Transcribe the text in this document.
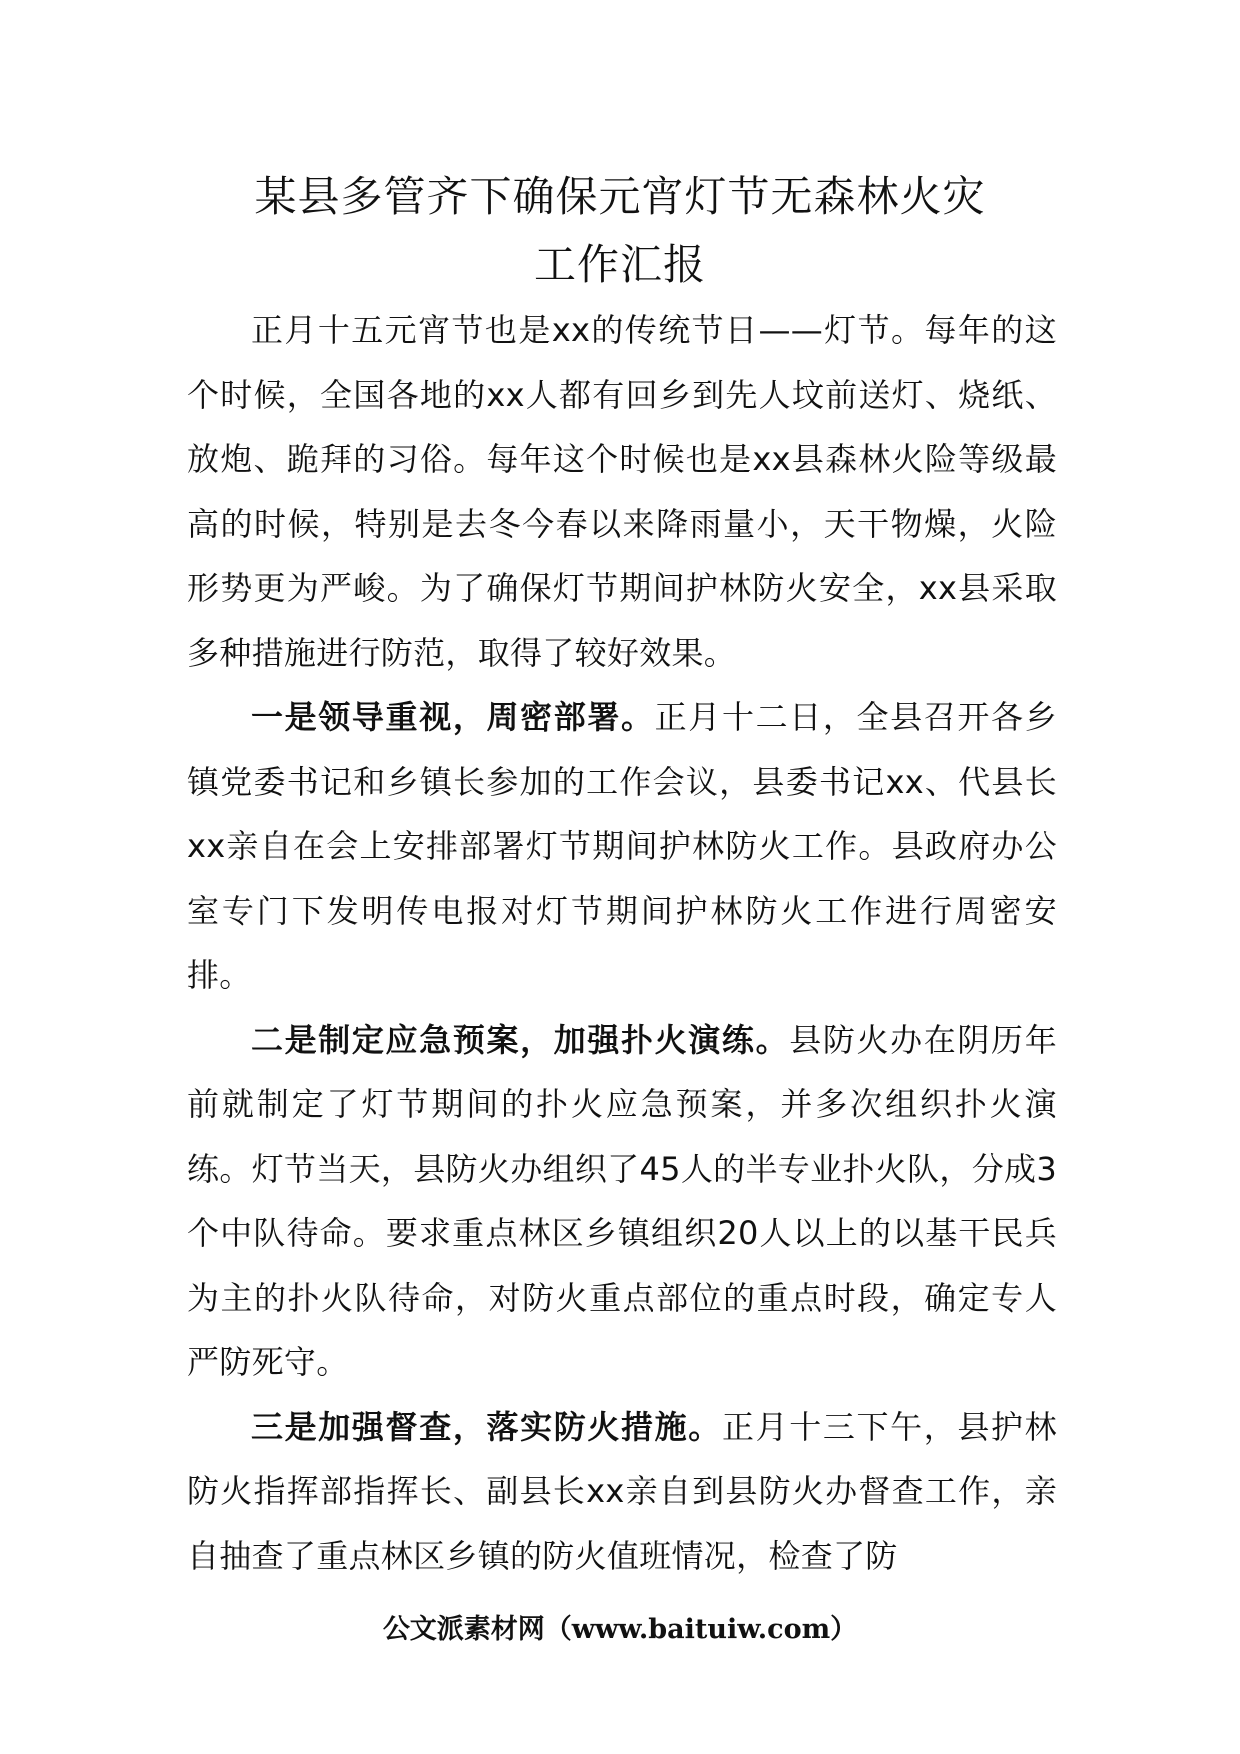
某县多管齐下确保元宵灯节无森林火灾
工作汇报

正月十五元宵节也是xx的传统节日——灯节。每年的这个时候，全国各地的xx人都有回乡到先人坟前送灯、烧纸、放炮、跪拜的习俗。每年这个时候也是xx县森林火险等级最高的时候，特别是去冬今春以来降雨量小，天干物燥，火险形势更为严峻。为了确保灯节期间护林防火安全，xx县采取多种措施进行防范，取得了较好效果。

一是领导重视，周密部署。正月十二日，全县召开各乡镇党委书记和乡镇长参加的工作会议，县委书记xx、代县长xx亲自在会上安排部署灯节期间护林防火工作。县政府办公室专门下发明传电报对灯节期间护林防火工作进行周密安排。

二是制定应急预案，加强扑火演练。县防火办在阴历年前就制定了灯节期间的扑火应急预案，并多次组织扑火演练。灯节当天，县防火办组织了45人的半专业扑火队，分成3个中队待命。要求重点林区乡镇组织20人以上的以基干民兵为主的扑火队待命，对防火重点部位的重点时段，确定专人严防死守。

三是加强督查，落实防火措施。正月十三下午，县护林防火指挥部指挥长、副县长xx亲自到县防火办督查工作，亲自抽查了重点林区乡镇的防火值班情况，检查了防

公文派素材网（www.baituiw.com）
